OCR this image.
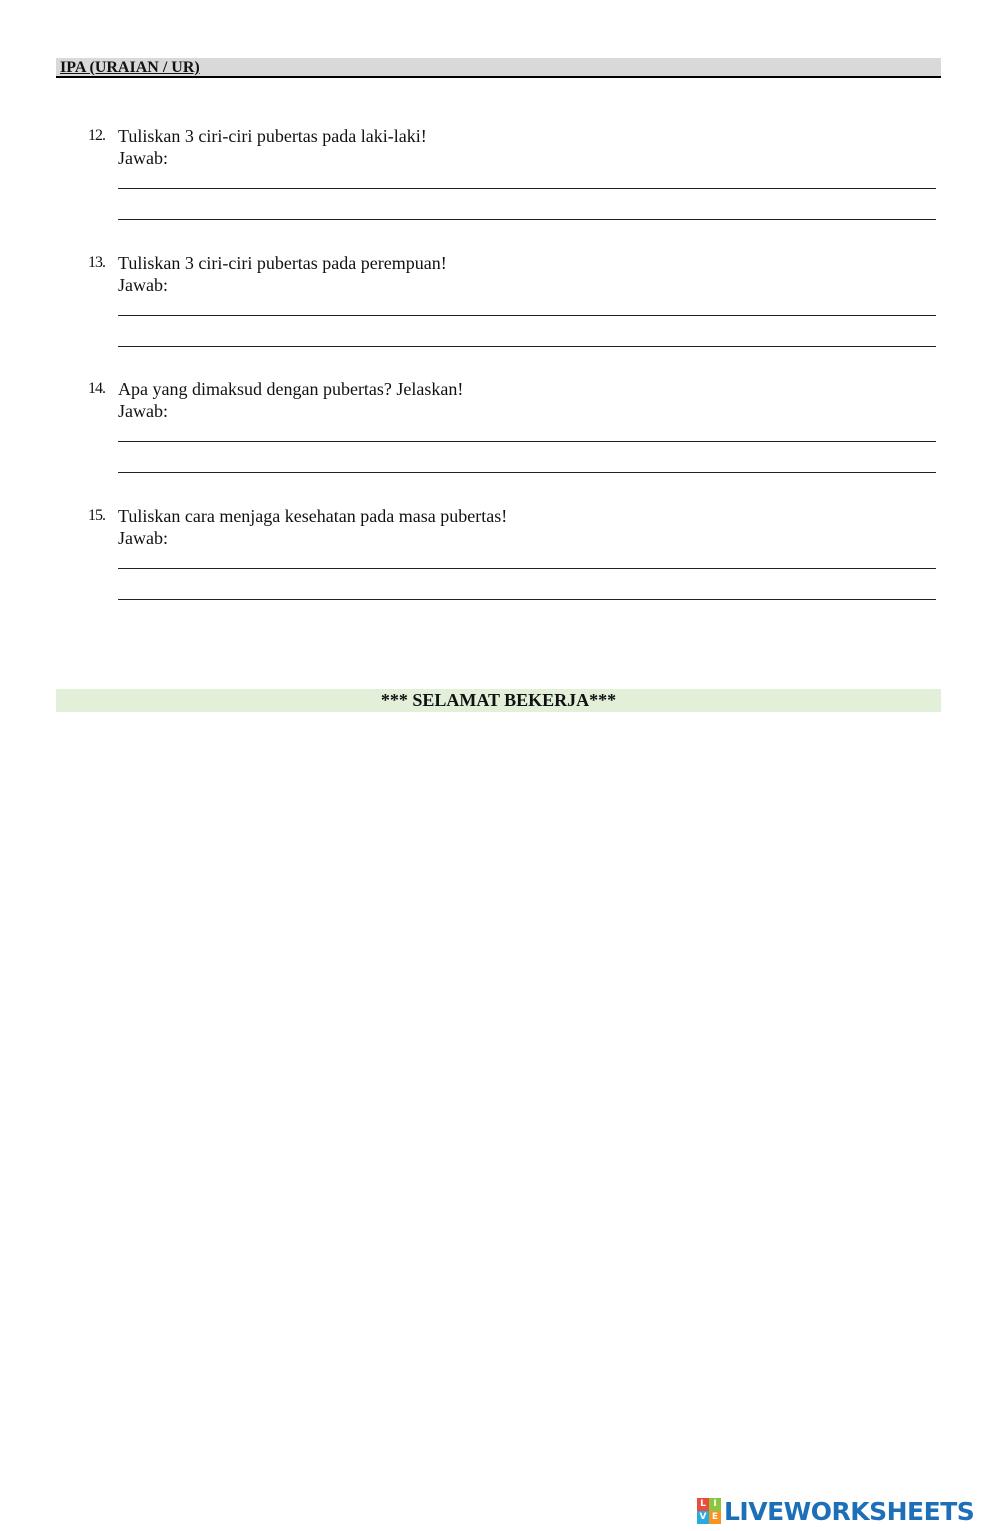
IPA (URAIAN / UR)
12. Tuliskan 3 ciri-ciri pubertas pada laki-laki!
Jawab:
13. Tuliskan 3 ciri-ciri pubertas pada perempuan!
Jawab:
14. Apa yang dimaksud dengan pubertas? Jelaskan!
Jawab:
15. Tuliskan cara menjaga kesehatan pada masa pubertas!
Jawab:
*** SELAMAT BEKERJA***
L I
V E LIVEWORKSHEETS
